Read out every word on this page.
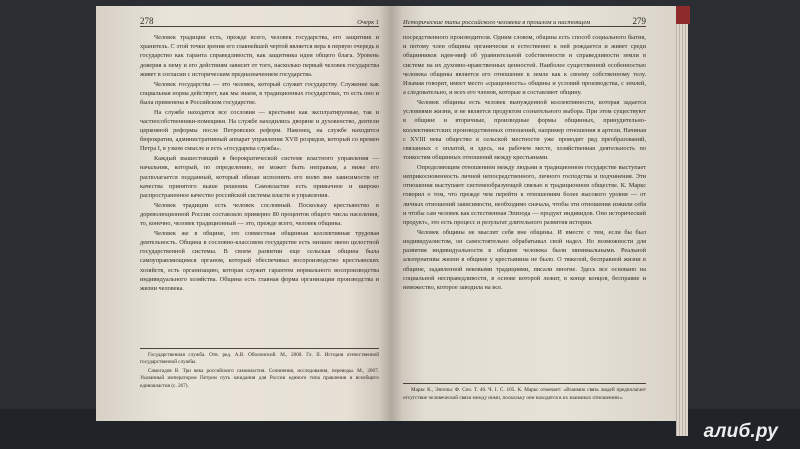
278	Очерк 1

Человек традиции есть, прежде всего, человек государства, его защитник и хранитель. С этой точки зрения его главнейшей чертой является вера в первую очередь в государство как гаранта справедливости, как защитника идеи общего блага. Уровень доверия к нему и его действиям зависит от того, насколько первый человек государства живет в согласии с историческим предназначением государства.

Человек государства — это человек, который служит государству. Служение как социальная норма действует, как мы знаем, в традиционных государствах, то есть оно и была применена в Российском государстве.

На службе находятся все сословия — крестьяне как эксплуатируемые, так и частнособственники-помещики. На службе находились дворяне и духовенство, деятели церковной реформы после Петровских реформ. Наконец, на службе находится бюрократия, административный аппарат управления XVII розрядов, который со времен Петра I, в узком смысле и есть «государева служба».

Каждый вышестоящий в бюрократической системе властного управления — начальник, который, по определению, не может быть неправым, а ниже его располагается подданный, который обязан исполнять его волю вне зависимости от качества принятого выше решения. Самовластие есть привычное и широко распространенное качество российской системы власти и управления.

Человек традиции есть человек сословный. Поскольку крестьянство в дореволюционной России составляло примерно 80 процентов общего числа населения, то, конечно, человек традиционный — это, прежде всего, человек общины.

Человек же в общине, это совместная общинная коллективная трудовая деятельность. Община в сословно-классовом государстве есть низшее звено целостной государственной системы. В своем развитии еще сельская община была самоуправляющимся органом, который обеспечивал воспроизводство крестьянских хозяйств, есть организацию, которая служит гарантом нормального воспроизводства индивидуального хозяйства. Община есть главная форма организации производства и жизни человека.

Государственная служба. Отв. ред. А.В. Оболонский. М., 2000. Гл. II. История отечественной государственной службы.

Самогадов В. Три века российского самовластия. Сочинения, исследования, переводы. М., 2007. Указанный императором Петром путь ожидания для России единого типа правления и всеобщего единовластия (с. 267).

Исторические типы российского человека в прошлом и настоящем	279

посредственного производителя. Одним словом, община есть способ социального бытия, и потому член общины органически и естественно к ней рождается и живет среди общинников идея-миф об уравнительной собственности и справедливости земли в системе на их духовно-нравственных ценностей. Наиболее существенной особенностью человека общины является его отношение к земле как к своему собственному телу. Изымая говорит, имеет место «сращенность» общины и условий производства, с землей, а следовательно, и всех его членов, которые и составляют общину.

Человек общины есть человек вынужденной коллективности, которая задается условиями жизни, и не является продуктом сознательного выбора. При этом существуют в общине и вторичные, производные формы общинных, принудительно-коллективистских производственных отношений, например отношения в артели. Начиная с XVIII века общество в сельской местности уже проводит ряд преобразований, связанных с оплатой, и здесь, на рабочем месте, хозяйственная деятельность по тонкостям общинных отношений между крестьянами.

Определяющим отношением между людьми в традиционном государстве выступает неприкосновенность личной непосредственного, личного господства и подчинения. Эти отношения выступают системообразующей связью в традиционном обществе. К. Маркс говорил о том, что прежде чем перейти к отношениям более высокого уровня — от личных отношений зависимости, необходимо сначала, чтобы эти отношения изжили себя и чтобы сам человек как естественная Эпизода — продукт индивидов. Оно исторический продукт», это есть процесс и результат длительного развития истории.

Человек общины не мыслит себя вне общины. И вместе с тем, если бы был индивидуалистом, он самостоятельно обрабатывал свой надел. Но возможности для развития индивидуальности в общине человека были минимальными. Реальной альтернативы жизни в общине у крестьянина не было. О тяжелой, бесправной жизни в общине, задавленной вековыми традициями, писали многие. Здесь все основано на социальной несправедливости, в основе которой лежит, в конце концов, бесправие и невежество, которое заводила на все.

Маркс К., Энгельс Ф. Соч. Т. 46. Ч. I. С. 105. К. Маркс отмечает: «Взаимно связь людей предполагает отсутствие человеческой связи между ними, поскольку они находятся в их взаимных отношениях».

алиб.ру
